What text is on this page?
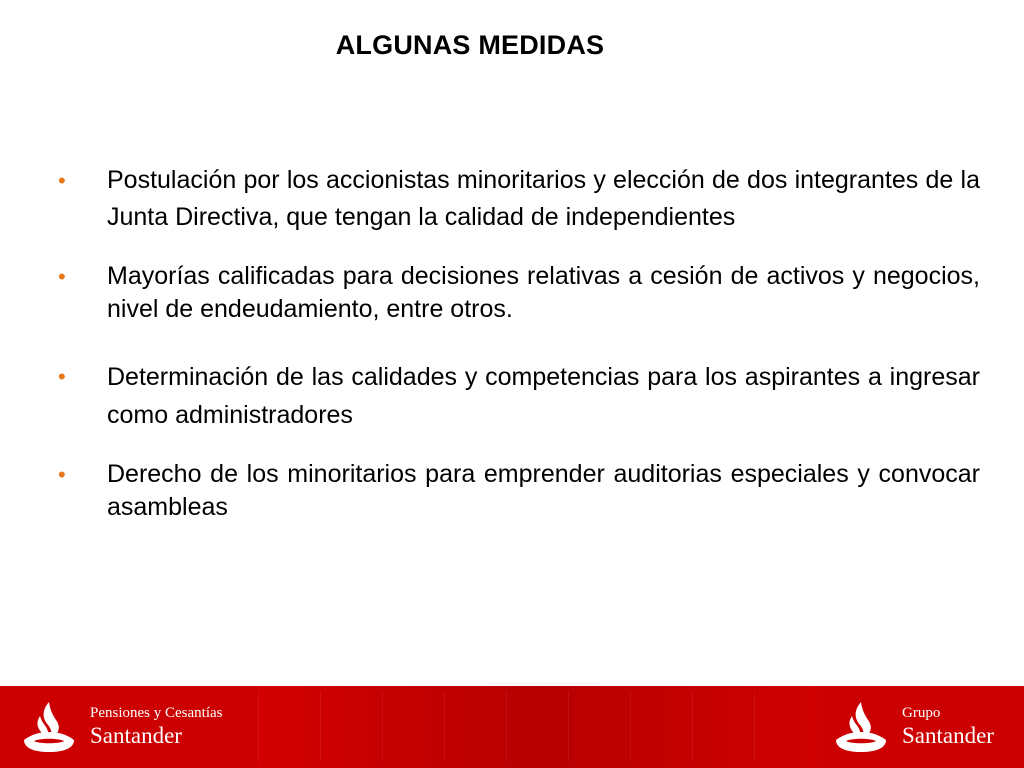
ALGUNAS MEDIDAS
• Postulación por los accionistas minoritarios y elección de dos integrantes de la Junta Directiva, que tengan la calidad de independientes
• Mayorías calificadas para decisiones relativas a cesión de activos y negocios, nivel de endeudamiento, entre otros.
• Determinación de las calidades y competencias para los aspirantes a ingresar como administradores
• Derecho de los minoritarios para emprender auditorias especiales y convocar asambleas
Pensiones y Cesantías
Santander
Grupo
Santander
